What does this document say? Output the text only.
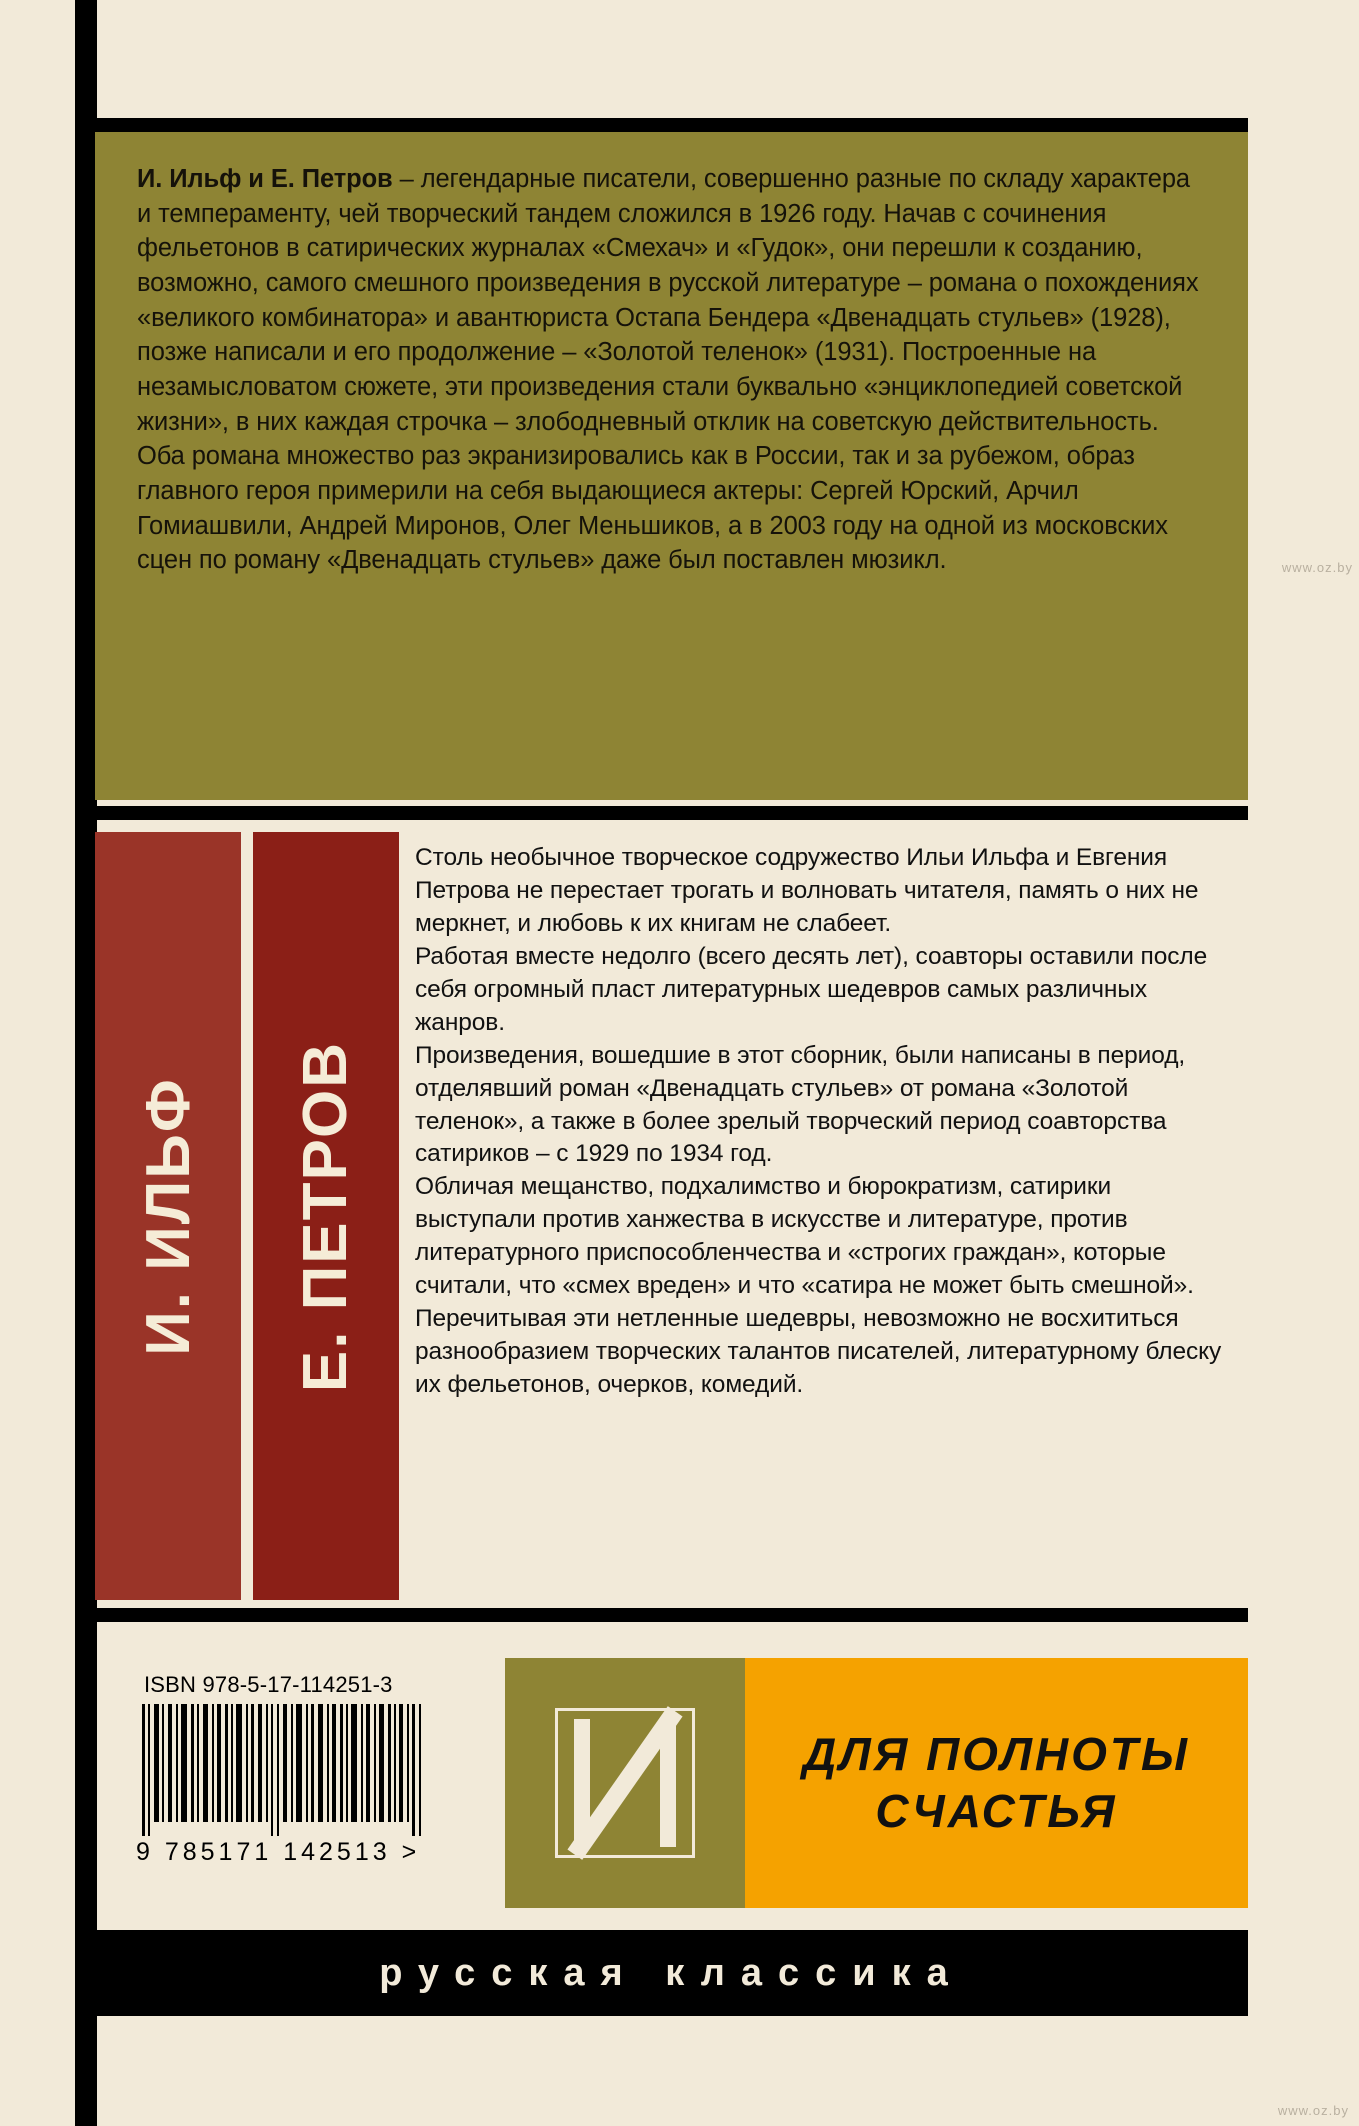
И. Ильф и Е. Петров – легендарные писатели, совершенно разные по складу характера и темпераменту, чей творческий тандем сложился в 1926 году. Начав с сочинения фельетонов в сатирических журналах «Смехач» и «Гудок», они перешли к созданию, возможно, самого смешного произведения в русской литературе – романа о похождениях «великого комбинатора» и авантюриста Остапа Бендера «Двенадцать стульев» (1928), позже написали и его продолжение – «Золотой теленок» (1931). Построенные на незамысловатом сюжете, эти произведения стали буквально «энциклопедией советской жизни», в них каждая строчка – злободневный отклик на советскую действительность. Оба романа множество раз экранизировались как в России, так и за рубежом, образ главного героя примерили на себя выдающиеся актеры: Сергей Юрский, Арчил Гомиашвили, Андрей Миронов, Олег Меньшиков, а в 2003 году на одной из московских сцен по роману «Двенадцать стульев» даже был поставлен мюзикл.

И. ИЛЬФ Е. ПЕТРОВ

Столь необычное творческое содружество Ильи Ильфа и Евгения Петрова не перестает трогать и волновать читателя, память о них не меркнет, и любовь к их книгам не слабеет.

Работая вместе недолго (всего десять лет), соавторы оставили после себя огромный пласт литературных шедевров самых различных жанров.

Произведения, вошедшие в этот сборник, были написаны в период, отделявший роман «Двенадцать стульев» от романа «Золотой теленок», а также в более зрелый творческий период соавторства сатириков – с 1929 по 1934 год.

Обличая мещанство, подхалимство и бюрократизм, сатирики выступали против ханжества в искусстве и литературе, против литературного приспособленчества и «строгих граждан», которые считали, что «смех вреден» и что «сатира не может быть смешной».

Перечитывая эти нетленные шедевры, невозможно не восхититься разнообразием творческих талантов писателей, литературному блеску их фельетонов, очерков, комедий.

ISBN 978-5-17-114251-3
9 785171 142513 >
ДЛЯ ПОЛНОТЫ
СЧАСТЬЯ
русская классика
www.oz.by
www.oz.by
